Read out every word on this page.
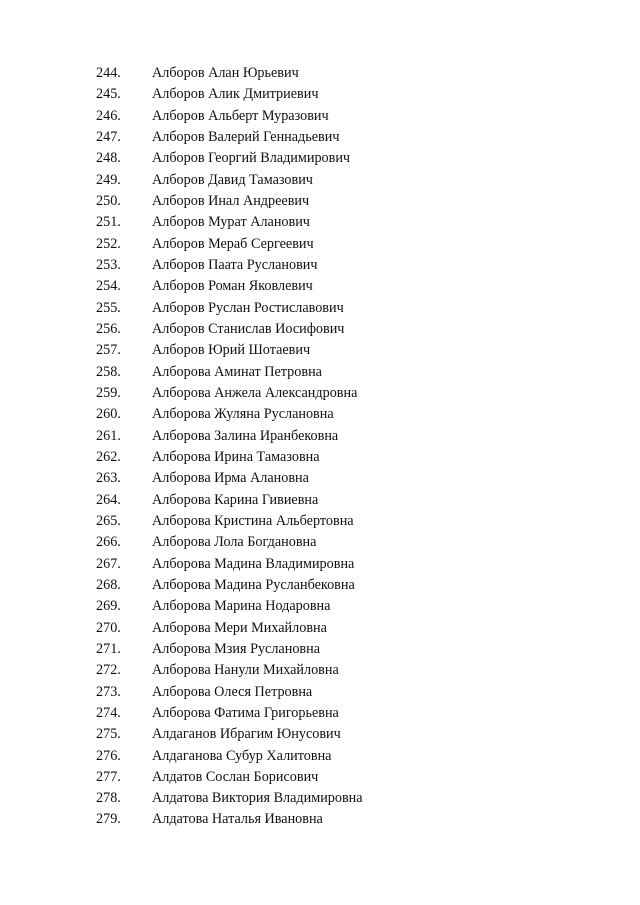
244. Алборов Алан Юрьевич
245. Алборов Алик Дмитриевич
246. Алборов Альберт Муразович
247. Алборов Валерий Геннадьевич
248. Алборов Георгий Владимирович
249. Алборов Давид Тамазович
250. Алборов Инал Андреевич
251. Алборов Мурат Аланович
252. Алборов Мераб Сергеевич
253. Алборов Паата Русланович
254. Алборов Роман Яковлевич
255. Алборов Руслан Ростиславович
256. Алборов Станислав Иосифович
257. Алборов Юрий Шотаевич
258. Алборова Аминат Петровна
259. Алборова Анжела Александровна
260. Алборова Жуляна Руслановна
261. Алборова Залина Иранбековна
262. Алборова Ирина Тамазовна
263. Алборова Ирма Алановна
264. Алборова Карина Гивиевна
265. Алборова Кристина Альбертовна
266. Алборова Лола Богдановна
267. Алборова Мадина Владимировна
268. Алборова Мадина Русланбековна
269. Алборова Марина Нодаровна
270. Алборова Мери Михайловна
271. Алборова Мзия Руслановна
272. Алборова Нанули Михайловна
273. Алборова Олеся Петровна
274. Алборова Фатима Григорьевна
275. Алдаганов Ибрагим Юнусович
276. Алдаганова Субур Халитовна
277. Алдатов Сослан Борисович
278. Алдатова Виктория Владимировна
279. Алдатова Наталья Ивановна
